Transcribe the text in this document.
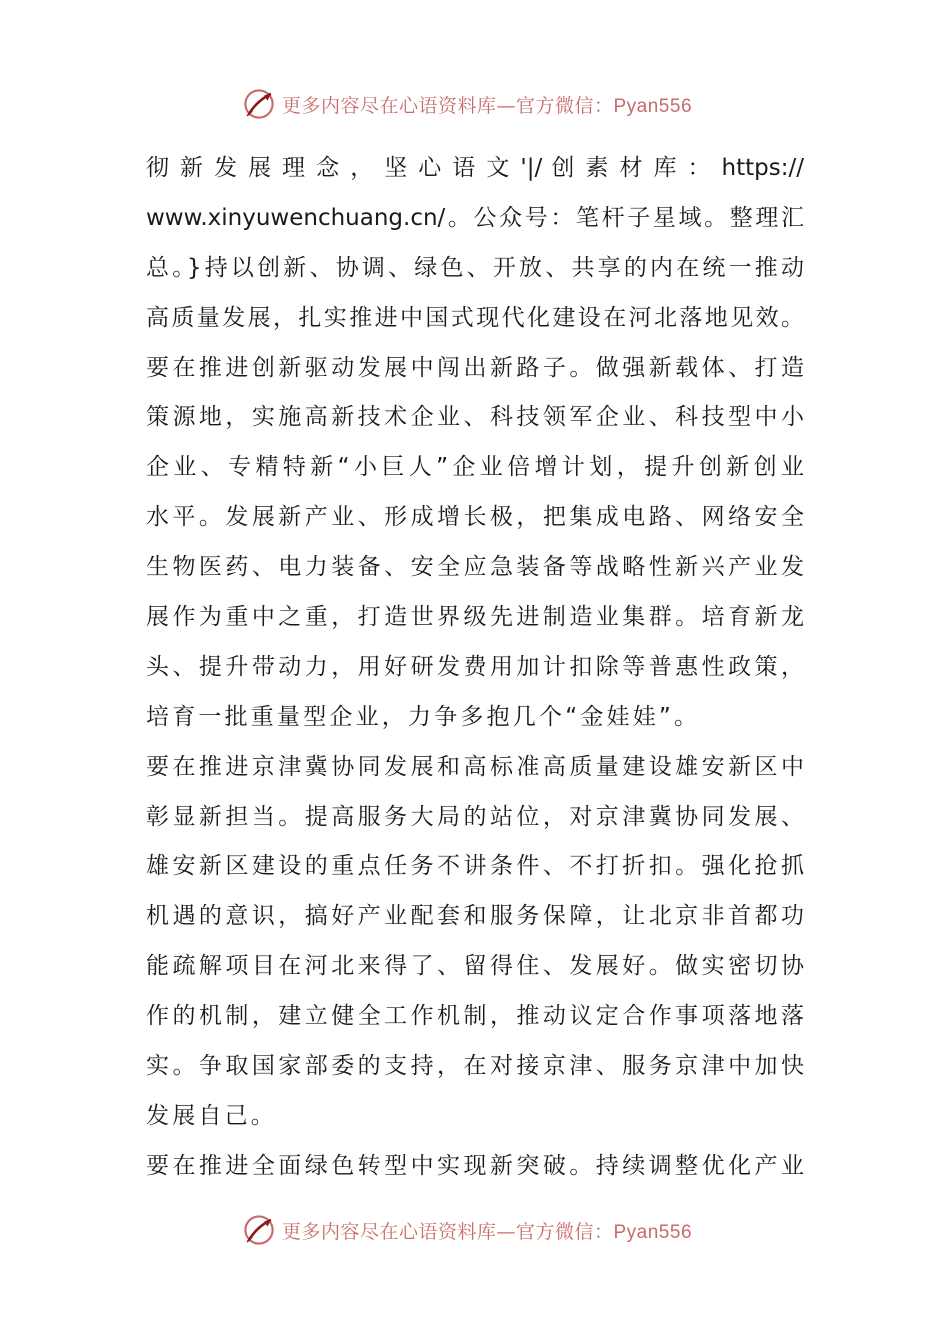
更多内容尽在心语资料库—官方微信：Pyan556
彻 新 发 展 理 念 ， 坚 心 语 文 '|/ 创 素 材 库 ： https://
www.xinyuwenchuang.cn/。公众号：笔杆子星域。整理汇
总。}持以创新、协调、绿色、开放、共享的内在统一推动
高质量发展，扎实推进中国式现代化建设在河北落地见效。
要在推进创新驱动发展中闯出新路子。做强新载体、打造
策源地，实施高新技术企业、科技领军企业、科技型中小
企业、专精特新“小巨人”企业倍增计划，提升创新创业
水平。发展新产业、形成增长极，把集成电路、网络安全
生物医药、电力装备、安全应急装备等战略性新兴产业发
展作为重中之重，打造世界级先进制造业集群。培育新龙
头、提升带动力，用好研发费用加计扣除等普惠性政策，
培育一批重量型企业，力争多抱几个“金娃娃”。
要在推进京津冀协同发展和高标准高质量建设雄安新区中
彰显新担当。提高服务大局的站位，对京津冀协同发展、
雄安新区建设的重点任务不讲条件、不打折扣。强化抢抓
机遇的意识，搞好产业配套和服务保障，让北京非首都功
能疏解项目在河北来得了、留得住、发展好。做实密切协
作的机制，建立健全工作机制，推动议定合作事项落地落
实。争取国家部委的支持，在对接京津、服务京津中加快
发展自己。
要在推进全面绿色转型中实现新突破。持续调整优化产业
更多内容尽在心语资料库—官方微信：Pyan556
